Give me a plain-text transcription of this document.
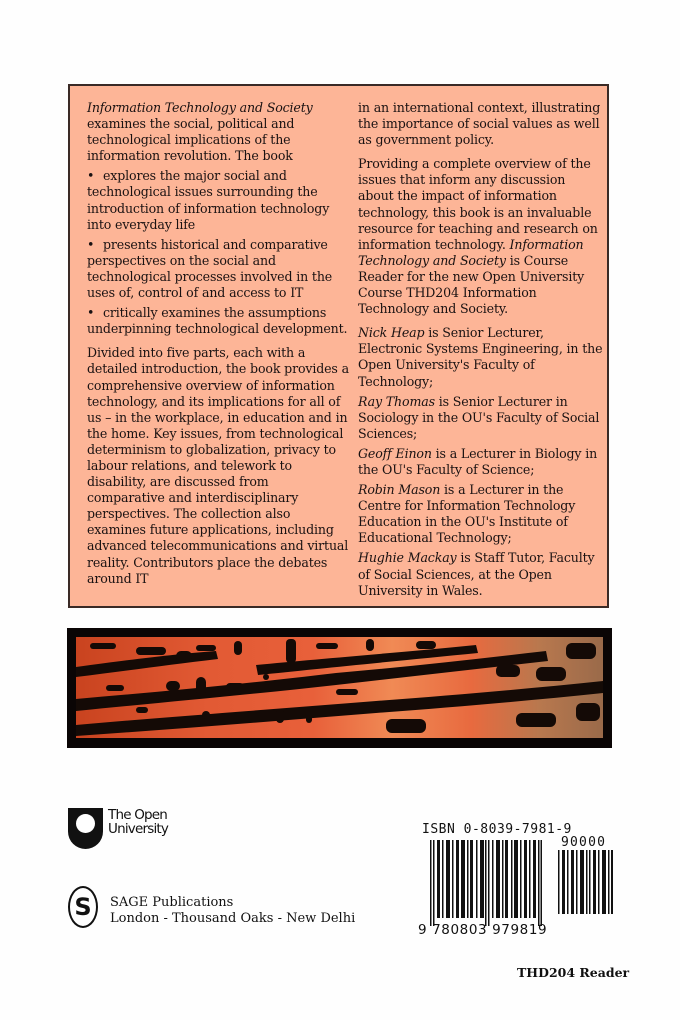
Information Technology and Society examines the social, political and technological implications of the information revolution. The book

• explores the major social and technological issues surrounding the introduction of information technology into everyday life

• presents historical and comparative perspectives on the social and technological processes involved in the uses of, control of and access to IT

• critically examines the assumptions underpinning technological development.

Divided into five parts, each with a detailed introduction, the book provides a comprehensive overview of information technology, and its implications for all of us – in the workplace, in education and in the home. Key issues, from technological determinism to globalization, privacy to labour relations, and telework to disability, are discussed from comparative and interdisciplinary perspectives. The collection also examines future applications, including advanced telecommunications and virtual reality. Contributors place the debates around IT

in an international context, illustrating the importance of social values as well as government policy.

Providing a complete overview of the issues that inform any discussion about the impact of information technology, this book is an invaluable resource for teaching and research on information technology. Information Technology and Society is Course Reader for the new Open University Course THD204 Information Technology and Society.

Nick Heap is Senior Lecturer, Electronic Systems Engineering, in the Open University's Faculty of Technology;

Ray Thomas is Senior Lecturer in Sociology in the OU's Faculty of Social Sciences;

Geoff Einon is a Lecturer in Biology in the OU's Faculty of Science;

Robin Mason is a Lecturer in the Centre for Information Technology Education in the OU's Institute of Educational Technology;

Hughie Mackay is Staff Tutor, Faculty of Social Sciences, at the Open University in Wales.

The Open
University
S	SAGE Publications
London - Thousand Oaks - New Delhi
ISBN 0-8039-7981-9
90000
9 780803 979819
THD204 Reader
